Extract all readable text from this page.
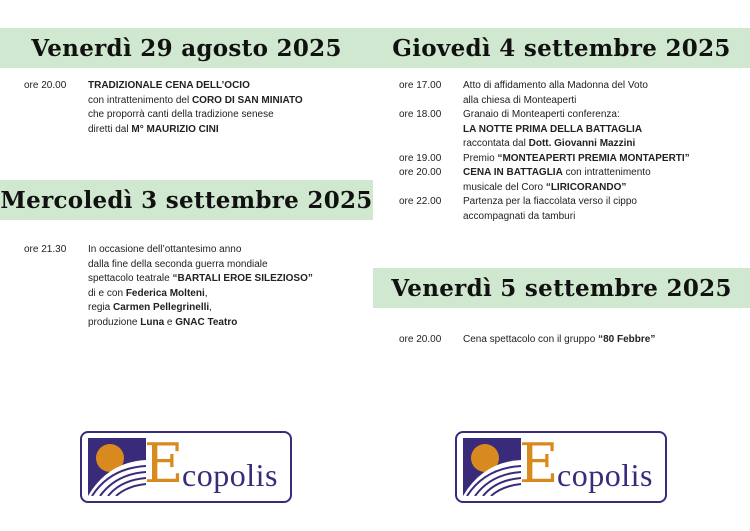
Venerdì 29 agosto 2025
ore 20.00	TRADIZIONALE CENA DELL’OCIO
con intrattenimento del CORO DI SAN MINIATO
che proporrà canti della tradizione senese
diretti dal M° MAURIZIO CINI
Mercoledì 3 settembre 2025
ore 21.30	In occasione dell’ottantesimo anno
dalla fine della seconda guerra mondiale
spettacolo teatrale “BARTALI EROE SILEZIOSO”
di e con Federica Molteni,
regia Carmen Pellegrinelli,
produzione Luna e GNAC Teatro
Giovedì 4 settembre 2025
ore 17.00	Atto di affidamento alla Madonna del Voto
alla chiesa di Monteaperti
ore 18.00	Granaio di Monteaperti conferenza:
LA NOTTE PRIMA DELLA BATTAGLIA
raccontata dal Dott. Giovanni Mazzini
ore 19.00	Premio “MONTEAPERTI PREMIA MONTAPERTI”
ore 20.00	CENA IN BATTAGLIA con intrattenimento
musicale del Coro “LIRICORANDO”
ore 22.00	Partenza per la fiaccolata verso il cippo
accompagnati da tamburi
Venerdì 5 settembre 2025
ore 20.00	Cena spettacolo con il gruppo “80 Febbre”
E
copolis	E
copolis
